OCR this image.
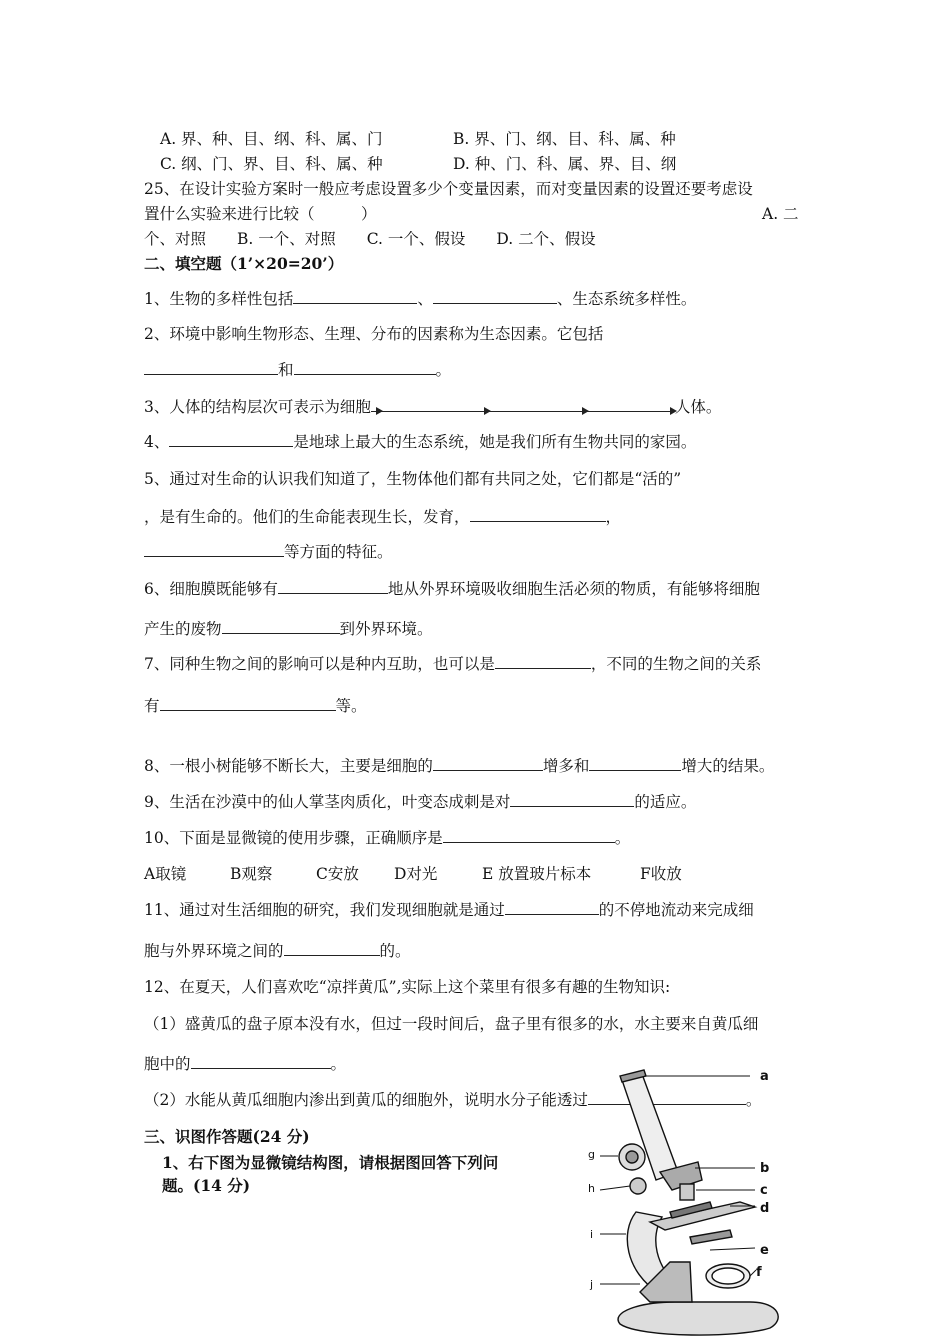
A. 界、种、目、纲、科、属、门	B. 界、门、纲、目、科、属、种
C. 纲、门、界、目、科、属、种	D. 种、门、科、属、界、目、纲
25、在设计实验方案时一般应考虑设置多少个变量因素，而对变量因素的设置还要考虑设
置什么实验来进行比较（　　　）	A. 二
个、对照　　B. 一个、对照　　C. 一个、假设　　D. 二个、假设
二、填空题（1’×20=20’）
1、生物的多样性包括	、	、生态系统多样性。
2、环境中影响生物形态、生理、分布的因素称为生态因素。它包括
和	。
3、人体的结构层次可表示为细胞	人体。
4、	是地球上最大的生态系统，她是我们所有生物共同的家园。
5、通过对生命的认识我们知道了，生物体他们都有共同之处，它们都是“活的”
，是有生命的。他们的生命能表现生长，发育，	，
等方面的特征。
6、细胞膜既能够有	地从外界环境吸收细胞生活必须的物质，有能够将细胞
产生的废物	到外界环境。
7、同种生物之间的影响可以是种内互助，也可以是	，不同的生物之间的关系
有	等。
8、一根小树能够不断长大，主要是细胞的	增多和	增大的结果。
9、生活在沙漠中的仙人掌茎肉质化，叶变态成刺是对	的适应。
10、下面是显微镜的使用步骤，正确顺序是	。
A取镜	B观察	C安放 D对光	E 放置玻片标本	F收放
11、通过对生活细胞的研究，我们发现细胞就是通过	的不停地流动来完成细
胞与外界环境之间的	的。
12、在夏天，人们喜欢吃“凉拌黄瓜”,实际上这个菜里有很多有趣的生物知识:
（1）盛黄瓜的盘子原本没有水，但过一段时间后，盘子里有很多的水，水主要来自黄瓜细
胞中的	。
（2）水能从黄瓜细胞内渗出到黄瓜的细胞外，说明水分子能透过	。
三、识图作答题(24 分)
1、右下图为显微镜结构图，请根据图回答下列问
题。(14 分)
a
b
c
d
e
f
g
h
i
j
